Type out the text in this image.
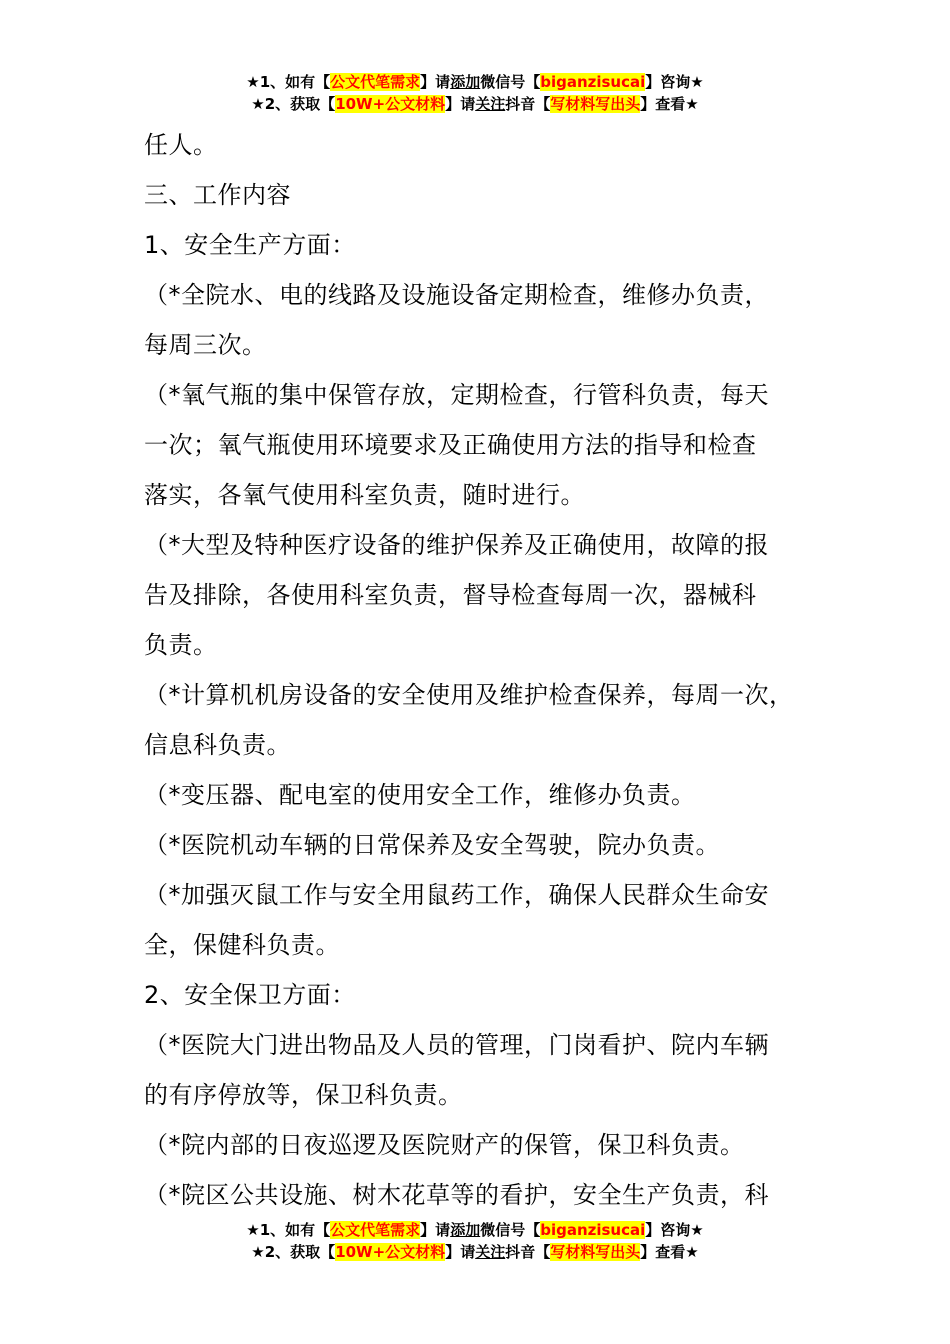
★1、如有【公文代笔需求】请添加微信号【biganzisucai】咨询★
★2、获取【10W+公文材料】请关注抖音【写材料写出头】查看★

任人。

三、工作内容

1、安全生产方面：

（*全院水、电的线路及设施设备定期检查，维修办负责，

每周三次。

（*氧气瓶的集中保管存放，定期检查，行管科负责，每天

一次；氧气瓶使用环境要求及正确使用方法的指导和检查

落实，各氧气使用科室负责，随时进行。

（*大型及特种医疗设备的维护保养及正确使用，故障的报

告及排除，各使用科室负责，督导检查每周一次，器械科

负责。

（*计算机机房设备的安全使用及维护检查保养，每周一次，

信息科负责。

（*变压器、配电室的使用安全工作，维修办负责。

（*医院机动车辆的日常保养及安全驾驶，院办负责。

（*加强灭鼠工作与安全用鼠药工作，确保人民群众生命安

全，保健科负责。

2、安全保卫方面：

（*医院大门进出物品及人员的管理，门岗看护、院内车辆

的有序停放等，保卫科负责。

（*院内部的日夜巡逻及医院财产的保管，保卫科负责。

（*院区公共设施、树木花草等的看护，安全生产负责，科

★1、如有【公文代笔需求】请添加微信号【biganzisucai】咨询★
★2、获取【10W+公文材料】请关注抖音【写材料写出头】查看★
